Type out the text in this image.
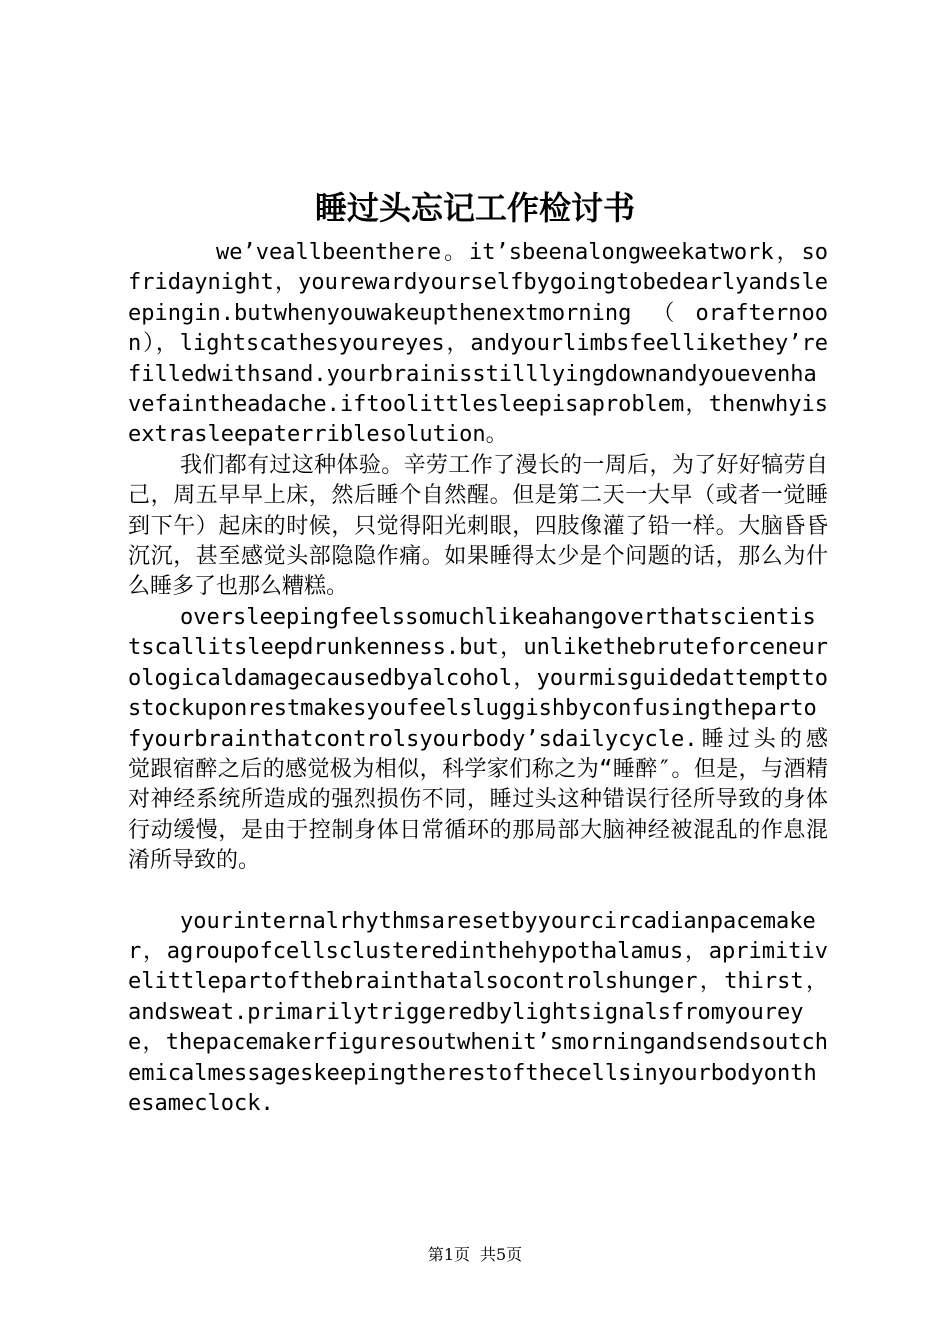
睡过头忘记工作检讨书

we’veallbeenthere。it’sbeenalongweekatwork，sofridaynight，yourewardyourselfbygoingtobedearlyandsleepingin.butwhenyouwakeupthenextmorning（orafternoon），lightscathesyoureyes，andyourlimbsfeellikethey’refilledwithsand.yourbrainisstilllyingdownandyouevenhavefaintheadache.iftoolittlesleepisaproblem，thenwhyisextrasleepaterriblesolution。

我们都有过这种体验。辛劳工作了漫长的一周后，为了好好犒劳自己，周五早早上床，然后睡个自然醒。但是第二天一大早（或者一觉睡到下午）起床的时候，只觉得阳光刺眼，四肢像灌了铅一样。大脑昏昏沉沉，甚至感觉头部隐隐作痛。如果睡得太少是个问题的话，那么为什么睡多了也那么糟糕。

oversleepingfeelssomuchlikeahangoverthatscientistscallitsleepdrunkenness.but，unlikethebruteforceneurologicaldamagecausedbyalcohol，yourmisguidedattempttostockuponrestmakesyoufeelsluggishbyconfusingthepartofyourbrainthatcontrolsyourbody’sdailycycle.睡过头的感觉跟宿醉之后的感觉极为相似，科学家们称之为“睡醉″。但是，与酒精对神经系统所造成的强烈损伤不同，睡过头这种错误行径所导致的身体行动缓慢，是由于控制身体日常循环的那局部大脑神经被混乱的作息混淆所导致的。

yourinternalrhythmsaresetbyyourcircadianpacemaker，agroupofcellsclusteredinthehypothalamus，aprimitivelittlepartofthebrainthatalsocontrolshunger，thirst，andsweat.primarilytriggeredbylightsignalsfromyoureye，thepacemakerfiguresoutwhenit’smorningandsendsoutchemicalmessageskeepingtherestofthecellsinyourbodyonthesameclock.

第1页 共5页
